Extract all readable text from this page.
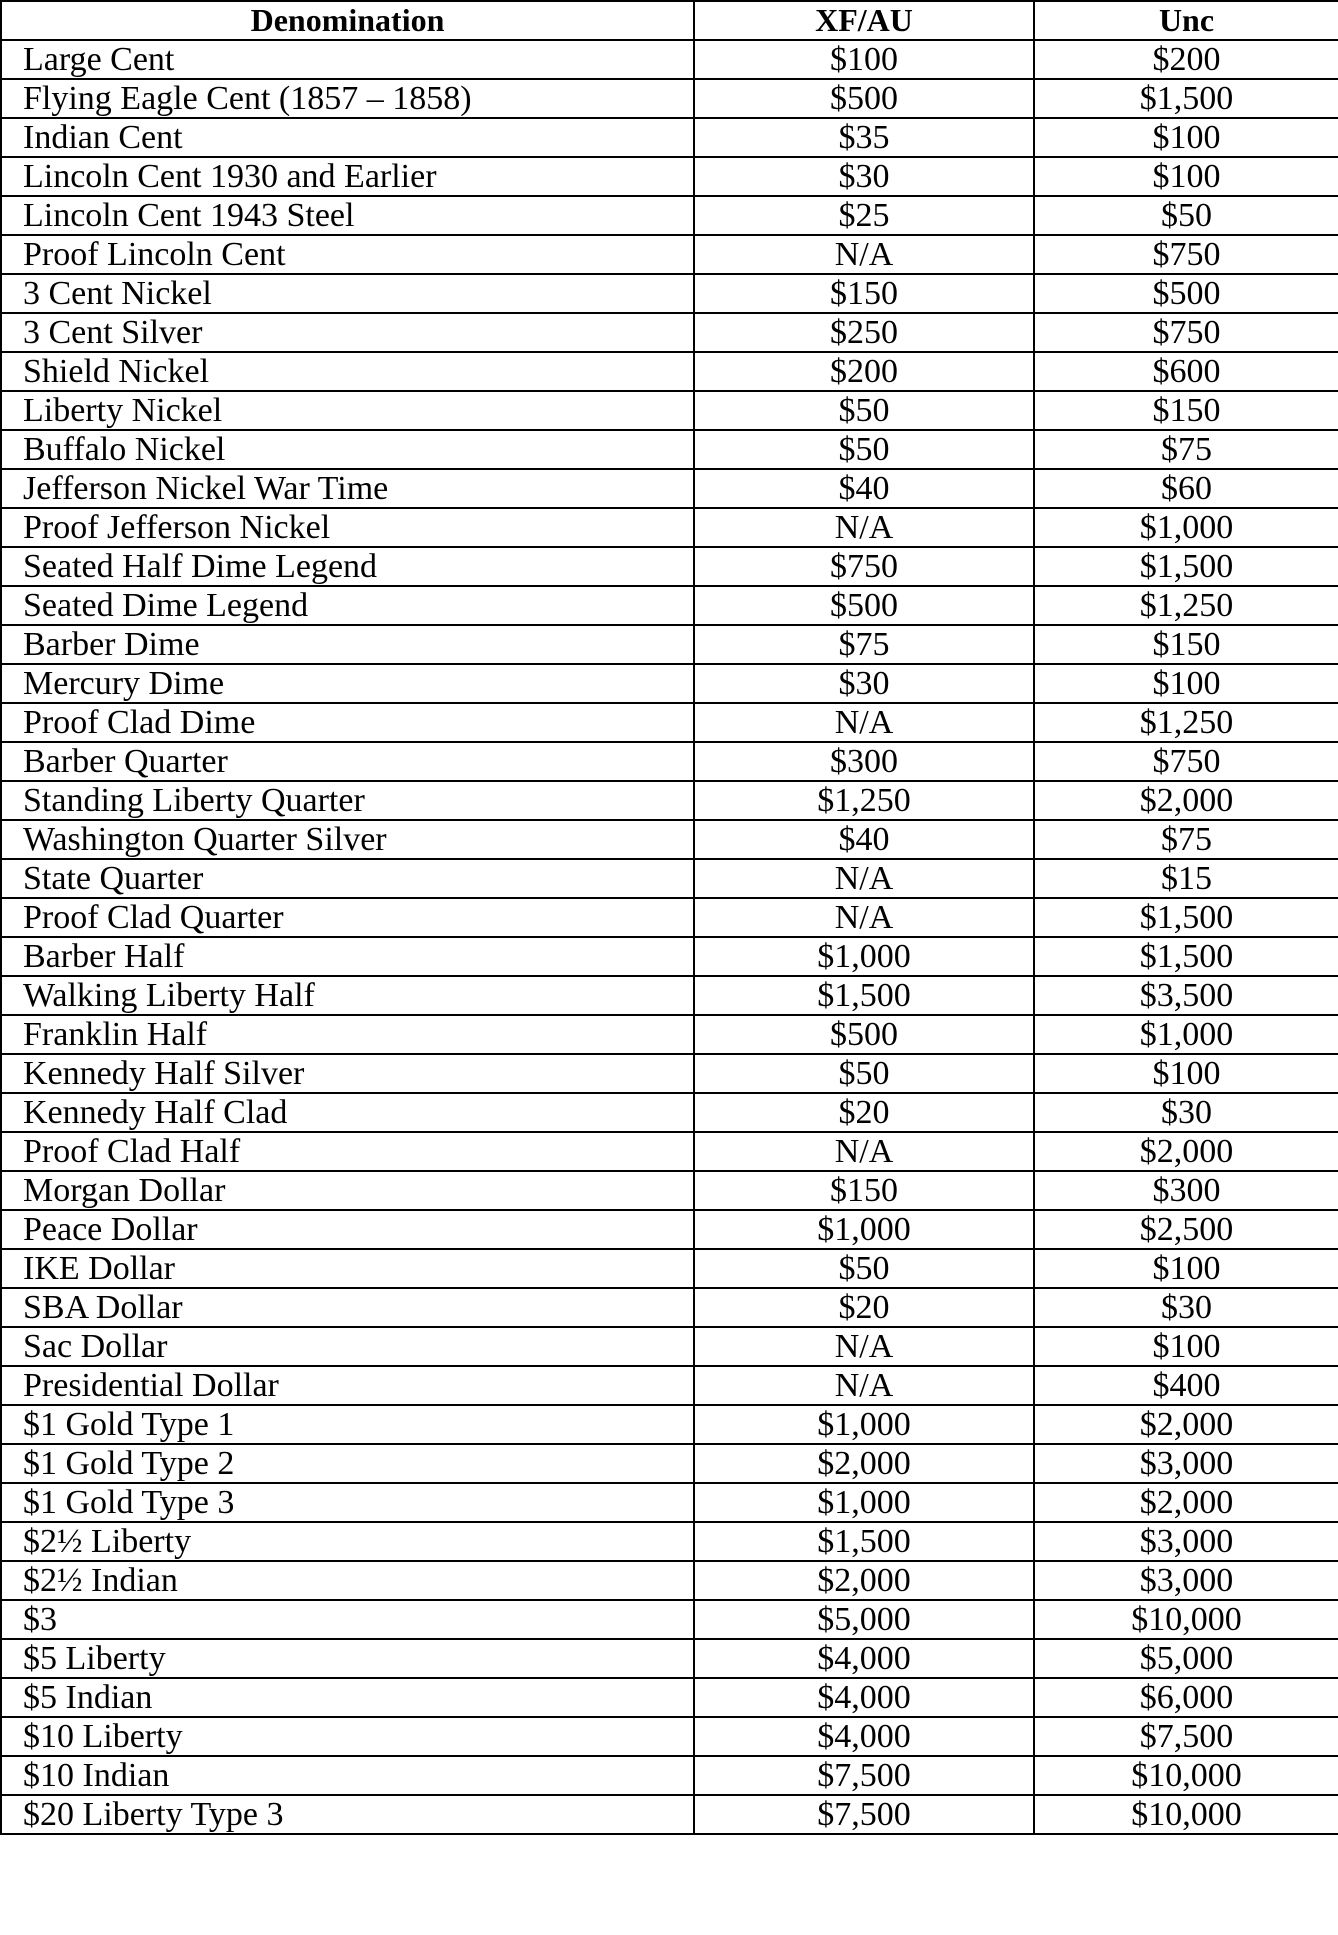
Denomination	XF/AU	Unc
Large Cent	$100	$200
Flying Eagle Cent (1857 – 1858)	$500	$1,500
Indian Cent	$35	$100
Lincoln Cent 1930 and Earlier	$30	$100
Lincoln Cent 1943 Steel	$25	$50
Proof Lincoln Cent	N/A	$750
3 Cent Nickel	$150	$500
3 Cent Silver	$250	$750
Shield Nickel	$200	$600
Liberty Nickel	$50	$150
Buffalo Nickel	$50	$75
Jefferson Nickel War Time	$40	$60
Proof Jefferson Nickel	N/A	$1,000
Seated Half Dime Legend	$750	$1,500
Seated Dime Legend	$500	$1,250
Barber Dime	$75	$150
Mercury Dime	$30	$100
Proof Clad Dime	N/A	$1,250
Barber Quarter	$300	$750
Standing Liberty Quarter	$1,250	$2,000
Washington Quarter Silver	$40	$75
State Quarter	N/A	$15
Proof Clad Quarter	N/A	$1,500
Barber Half	$1,000	$1,500
Walking Liberty Half	$1,500	$3,500
Franklin Half	$500	$1,000
Kennedy Half Silver	$50	$100
Kennedy Half Clad	$20	$30
Proof Clad Half	N/A	$2,000
Morgan Dollar	$150	$300
Peace Dollar	$1,000	$2,500
IKE Dollar	$50	$100
SBA Dollar	$20	$30
Sac Dollar	N/A	$100
Presidential Dollar	N/A	$400
$1 Gold Type 1	$1,000	$2,000
$1 Gold Type 2	$2,000	$3,000
$1 Gold Type 3	$1,000	$2,000
$2½ Liberty	$1,500	$3,000
$2½ Indian	$2,000	$3,000
$3	$5,000	$10,000
$5 Liberty	$4,000	$5,000
$5 Indian	$4,000	$6,000
$10 Liberty	$4,000	$7,500
$10 Indian	$7,500	$10,000
$20 Liberty Type 3	$7,500	$10,000
